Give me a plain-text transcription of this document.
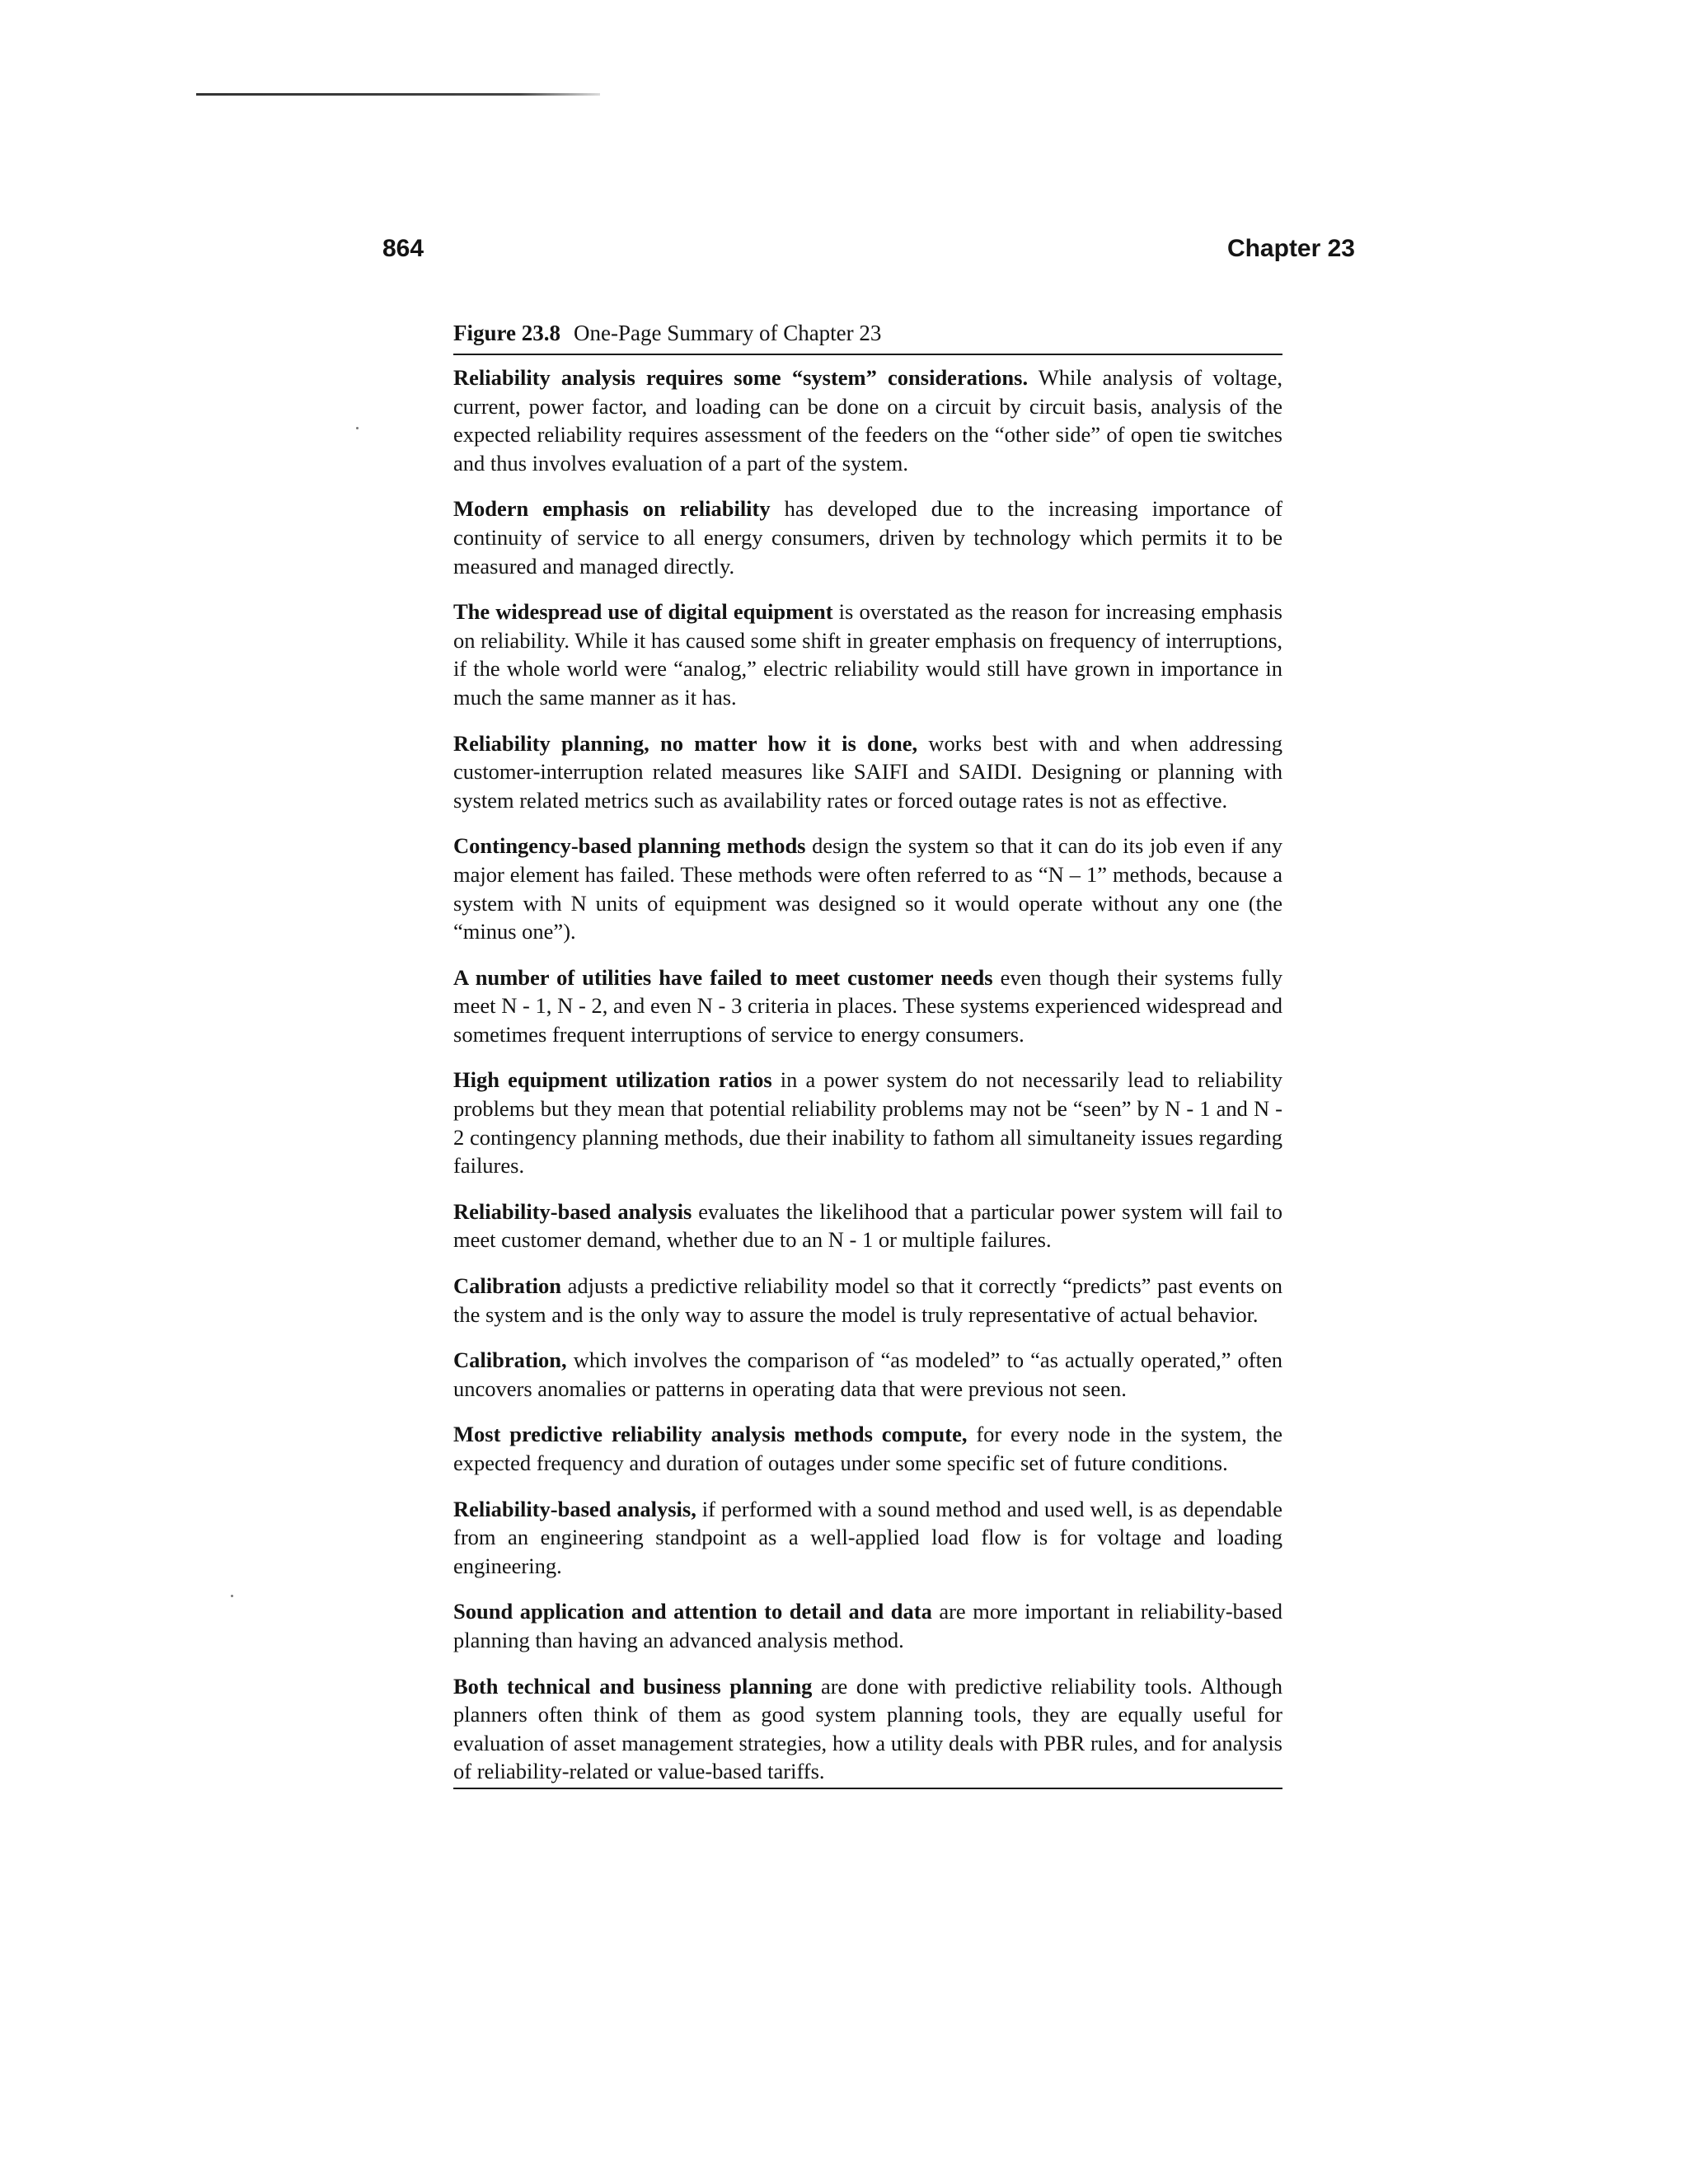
864	Chapter 23
Figure 23.8 One-Page Summary of Chapter 23

Reliability analysis requires some “system” considerations. While analysis of voltage, current, power factor, and loading can be done on a circuit by circuit basis, analysis of the expected reliability requires assessment of the feeders on the “other side” of open tie switches and thus involves evaluation of a part of the system.

Modern emphasis on reliability has developed due to the increasing importance of continuity of service to all energy consumers, driven by technology which permits it to be measured and managed directly.

The widespread use of digital equipment is overstated as the reason for increasing emphasis on reliability. While it has caused some shift in greater emphasis on frequency of interruptions, if the whole world were “analog,” electric reliability would still have grown in importance in much the same manner as it has.

Reliability planning, no matter how it is done, works best with and when addressing customer-interruption related measures like SAIFI and SAIDI. Designing or planning with system related metrics such as availability rates or forced outage rates is not as effective.

Contingency-based planning methods design the system so that it can do its job even if any major element has failed. These methods were often referred to as “N – 1” methods, because a system with N units of equipment was designed so it would operate without any one (the “minus one”).

A number of utilities have failed to meet customer needs even though their systems fully meet N - 1, N - 2, and even N - 3 criteria in places. These systems experienced widespread and sometimes frequent interruptions of service to energy consumers.

High equipment utilization ratios in a power system do not necessarily lead to reliability problems but they mean that potential reliability problems may not be “seen” by N - 1 and N - 2 contingency planning methods, due their inability to fathom all simultaneity issues regarding failures.

Reliability-based analysis evaluates the likelihood that a particular power system will fail to meet customer demand, whether due to an N - 1 or multiple failures.

Calibration adjusts a predictive reliability model so that it correctly “predicts” past events on the system and is the only way to assure the model is truly representative of actual behavior.

Calibration, which involves the comparison of “as modeled” to “as actually operated,” often uncovers anomalies or patterns in operating data that were previous not seen.

Most predictive reliability analysis methods compute, for every node in the system, the expected frequency and duration of outages under some specific set of future conditions.

Reliability-based analysis, if performed with a sound method and used well, is as dependable from an engineering standpoint as a well-applied load flow is for voltage and loading engineering.

Sound application and attention to detail and data are more important in reliability-based planning than having an advanced analysis method.

Both technical and business planning are done with predictive reliability tools. Although planners often think of them as good system planning tools, they are equally useful for evaluation of asset management strategies, how a utility deals with PBR rules, and for analysis of reliability-related or value-based tariffs.
